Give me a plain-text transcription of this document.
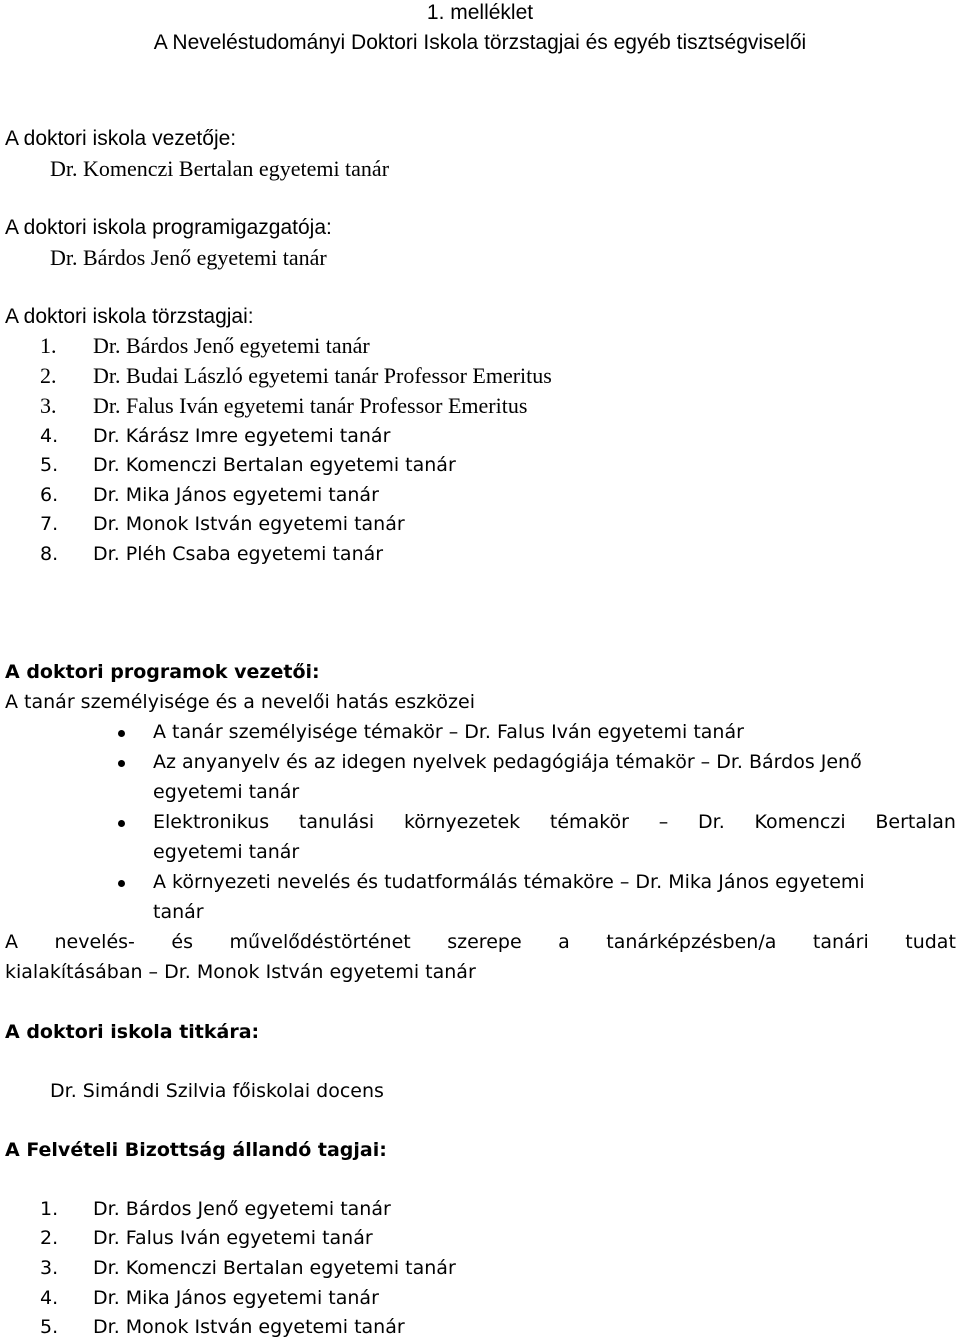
1. melléklet
A Neveléstudományi Doktori Iskola törzstagjai és egyéb tisztségviselői
A doktori iskola vezetője:
Dr. Komenczi Bertalan egyetemi tanár
A doktori iskola programigazgatója:
Dr. Bárdos Jenő egyetemi tanár
A doktori iskola törzstagjai:
1. Dr. Bárdos Jenő egyetemi tanár
2. Dr. Budai László egyetemi tanár Professor Emeritus
3. Dr. Falus Iván egyetemi tanár Professor Emeritus
4. Dr. Kárász Imre egyetemi tanár
5. Dr. Komenczi Bertalan egyetemi tanár
6. Dr. Mika János egyetemi tanár
7. Dr. Monok István egyetemi tanár
8. Dr. Pléh Csaba egyetemi tanár
A doktori programok vezetői:
A tanár személyisége és a nevelői hatás eszközei
A tanár személyisége témakör – Dr. Falus Iván egyetemi tanár
Az anyanyelv és az idegen nyelvek pedagógiája témakör – Dr. Bárdos Jenő
egyetemi tanár
Elektronikus tanulási környezetek témakör – Dr. Komenczi Bertalan
egyetemi tanár
A környezeti nevelés és tudatformálás témaköre – Dr. Mika János egyetemi
tanár
A nevelés- és művelődéstörténet szerepe a tanárképzésben/a tanári tudat
kialakításában – Dr. Monok István egyetemi tanár
A doktori iskola titkára:
Dr. Simándi Szilvia főiskolai docens
A Felvételi Bizottság állandó tagjai:
1. Dr. Bárdos Jenő egyetemi tanár
2. Dr. Falus Iván egyetemi tanár
3. Dr. Komenczi Bertalan egyetemi tanár
4. Dr. Mika János egyetemi tanár
5. Dr. Monok István egyetemi tanár
